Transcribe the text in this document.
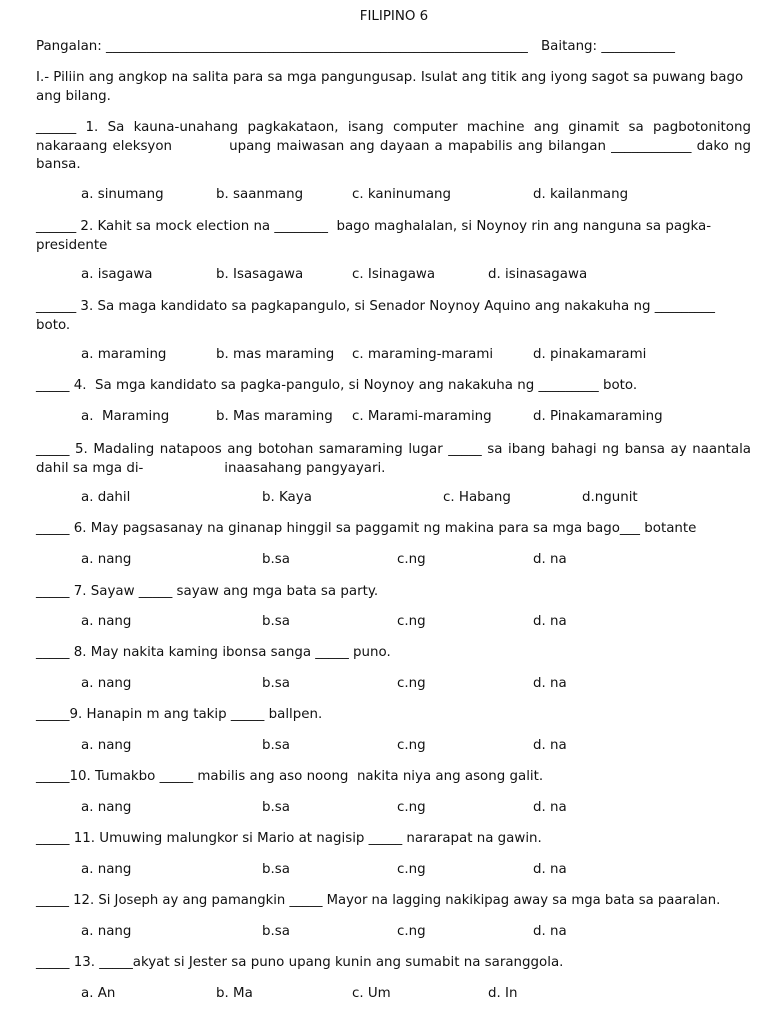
FILIPINO 6
Pangalan: _______________________________________________________________ Baitang: ___________
I.- Piliin ang angkop na salita para sa mga pangungusap. Isulat ang titik ang iyong sagot sa puwang bago ang bilang.
______ 1. Sa kauna-unahang pagkakataon, isang computer machine ang ginamit sa pagbotonitong nakaraang eleksyon           upang maiwasan ang dayaan a mapabilis ang bilangan ____________ dako ng bansa.
a. sinumang	b. saanmang	c. kaninumang	d. kailanmang
______ 2. Kahit sa mock election na ________  bago maghalalan, si Noynoy rin ang nanguna sa pagka-presidente
a. isagawa	b. Isasagawa	c. Isinagawa	d. isinasagawa
______ 3. Sa maga kandidato sa pagkapangulo, si Senador Noynoy Aquino ang nakakuha ng _________ boto.
a. maraming	b. mas maraming c. maraming-marami	d. pinakamarami
_____ 4.  Sa mga kandidato sa pagka-pangulo, si Noynoy ang nakakuha ng _________ boto.
a.  Maraming	b. Mas maraming c. Marami-maraming	d. Pinakamaraming
_____ 5. Madaling natapoos ang botohan samaraming lugar _____ sa ibang bahagi ng bansa ay naantala dahil sa mga di-                   inaasahang pangyayari.
a. dahil	b. Kaya	c. Habang	d.ngunit
_____ 6. May pagsasanay na ginanap hinggil sa paggamit ng makina para sa mga bago___ botante
a. nang	b.sa	c.ng	d. na
_____ 7. Sayaw _____ sayaw ang mga bata sa party.
a. nang	b.sa	c.ng	d. na
_____ 8. May nakita kaming ibonsa sanga _____ puno.
a. nang	b.sa	c.ng	d. na
_____9. Hanapin m ang takip _____ ballpen.
a. nang	b.sa	c.ng	d. na
_____10. Tumakbo _____ mabilis ang aso noong  nakita niya ang asong galit.
a. nang	b.sa	c.ng	d. na
_____ 11. Umuwing malungkor si Mario at nagisip _____ nararapat na gawin.
a. nang	b.sa	c.ng	d. na
_____ 12. Si Joseph ay ang pamangkin _____ Mayor na lagging nakikipag away sa mga bata sa paaralan.
a. nang	b.sa	c.ng	d. na
_____ 13. _____akyat si Jester sa puno upang kunin ang sumabit na saranggola.
a. An	b. Ma	c. Um	d. In
